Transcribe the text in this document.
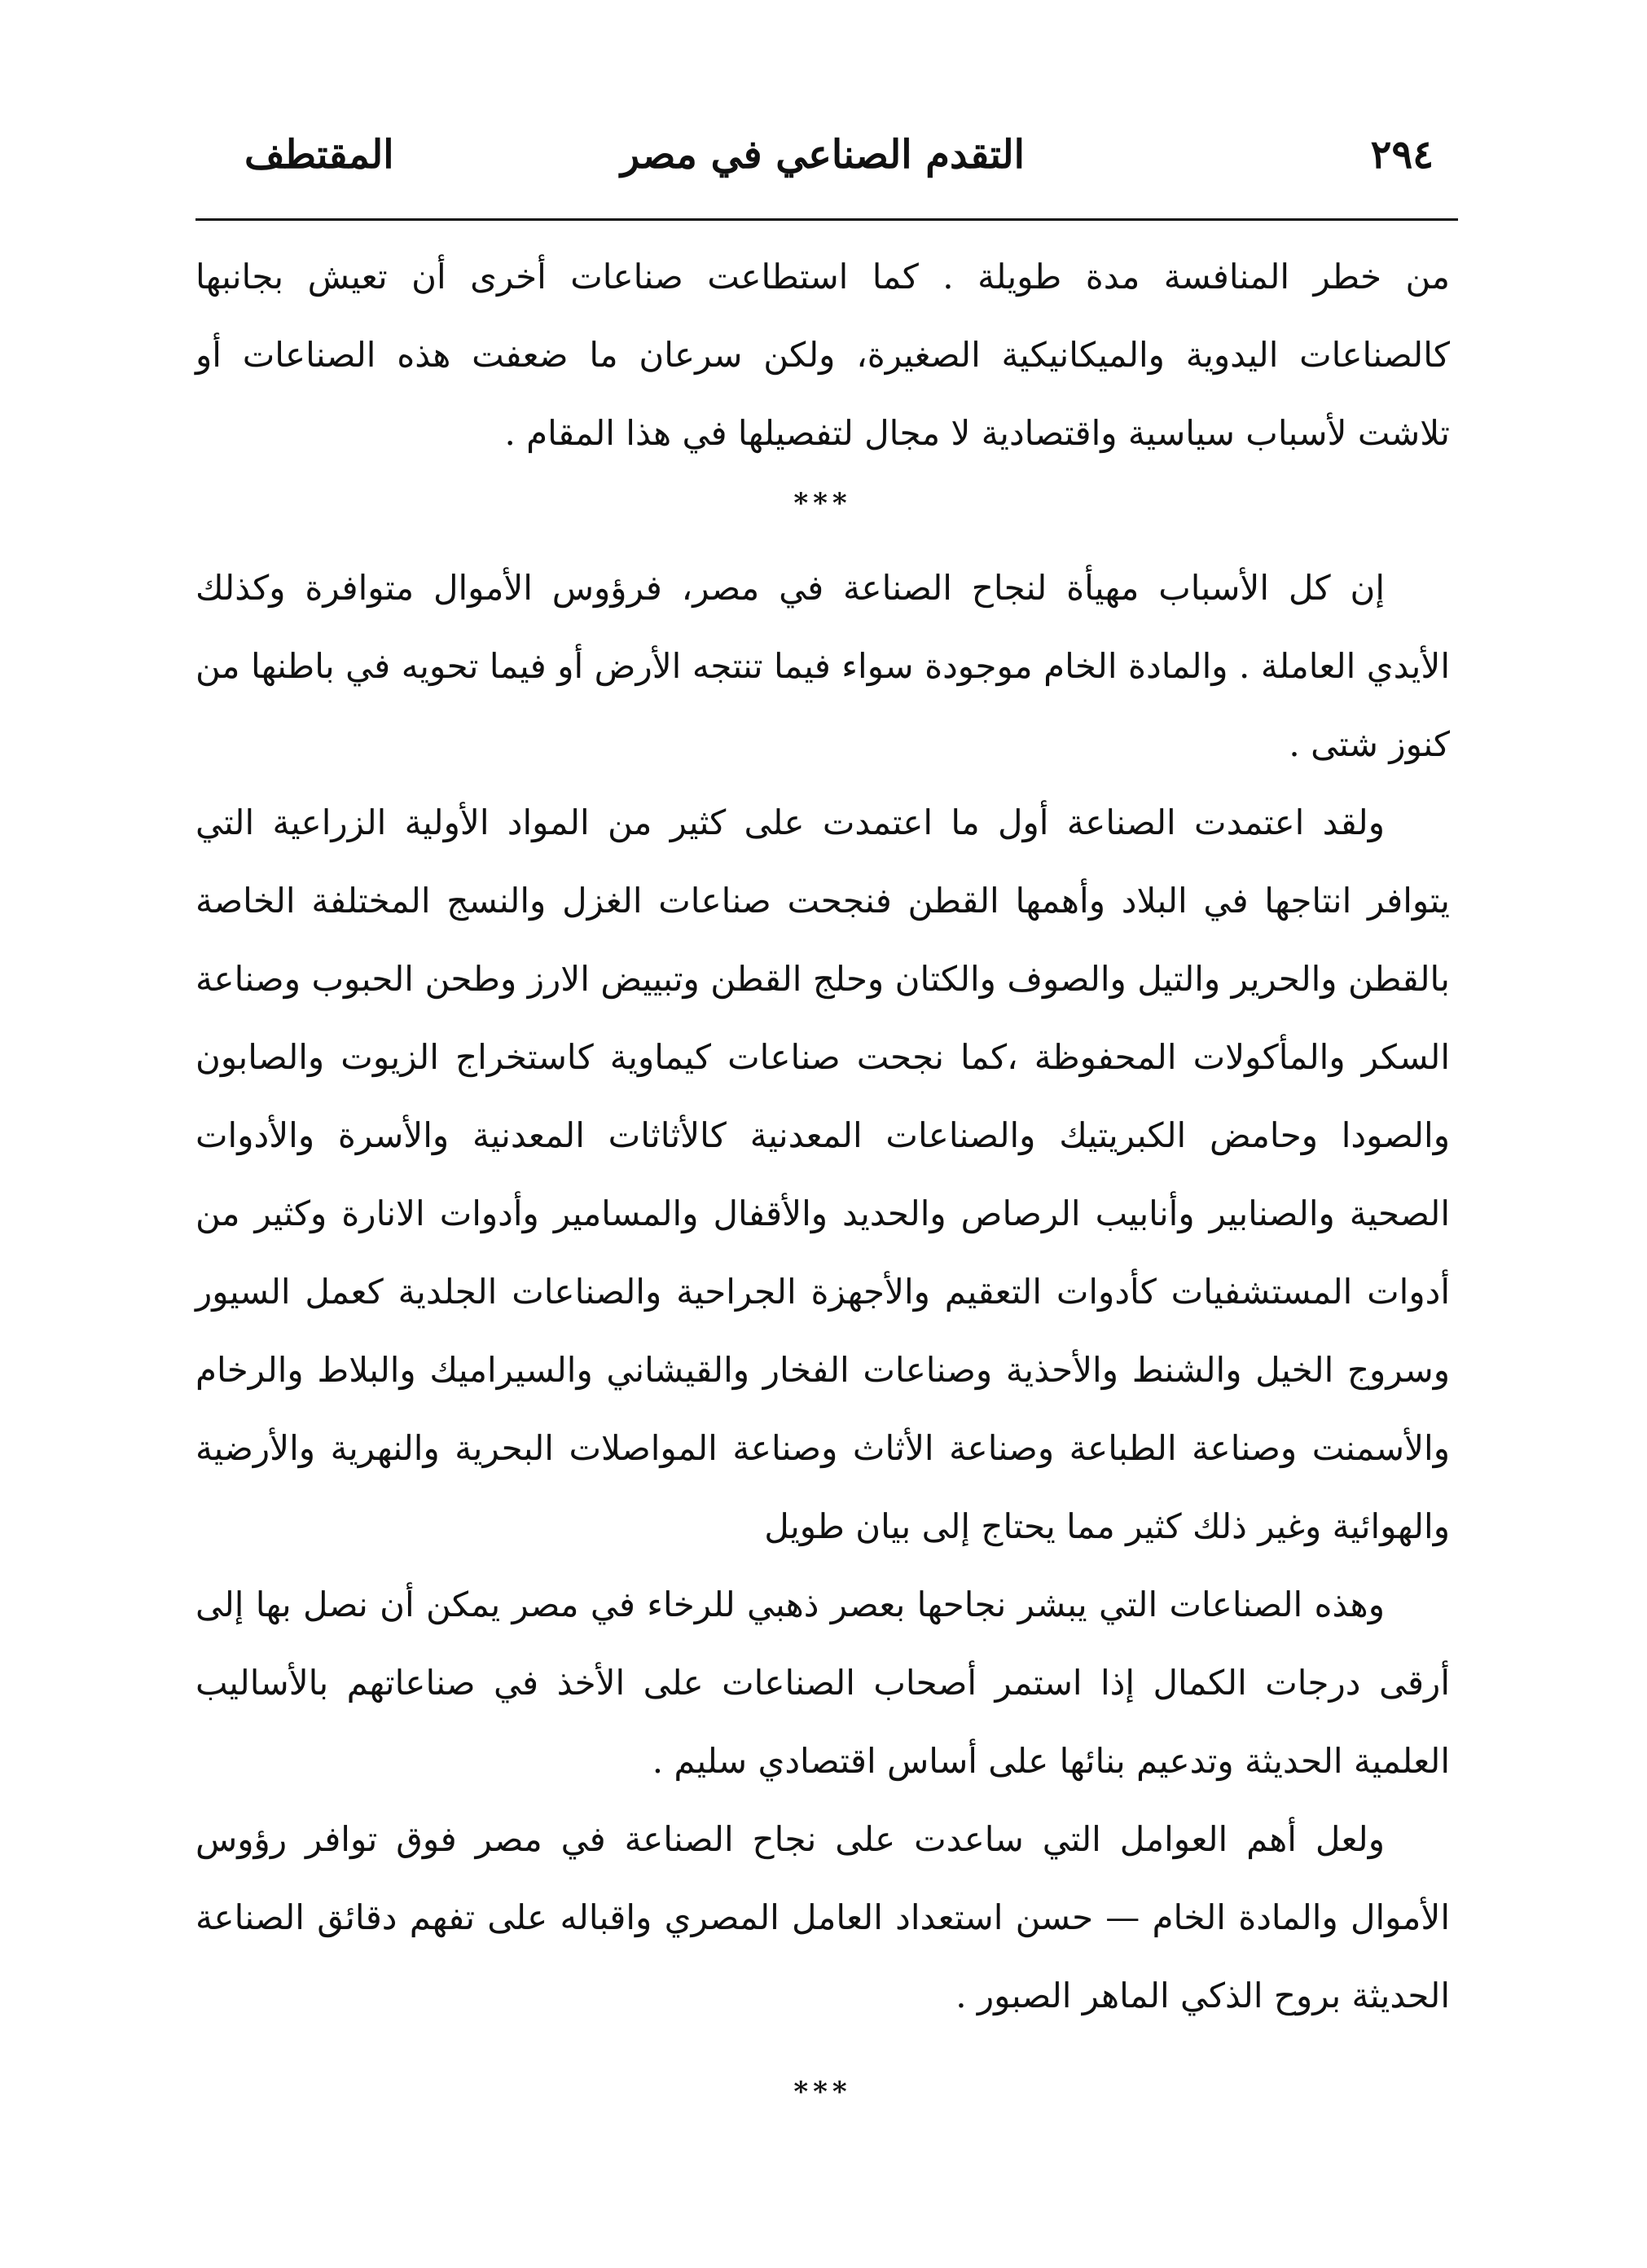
٢٩٤
التقدم الصناعي في مصر
المقتطف

من خطر المنافسة مدة طويلة . كما استطاعت صناعات أخرى أن تعيش بجانبها كالصناعات اليدوية والميكانيكية الصغيرة، ولكن سرعان ما ضعفت هذه الصناعات أو تلاشت لأسباب سياسية واقتصادية لا مجال لتفصيلها في هذا المقام .

***

إن كل الأسباب مهيأة لنجاح الصناعة في مصر، فرؤوس الأموال متوافرة وكذلك الأيدي العاملة . والمادة الخام موجودة سواء فيما تنتجه الأرض أو فيما تحويه في باطنها من كنوز شتى .

ولقد اعتمدت الصناعة أول ما اعتمدت على كثير من المواد الأولية الزراعية التي يتوافر انتاجها في البلاد وأهمها القطن فنجحت صناعات الغزل والنسج المختلفة الخاصة بالقطن والحرير والتيل والصوف والكتان وحلج القطن وتبييض الارز وطحن الحبوب وصناعة السكر والمأكولات المحفوظة ،كما نجحت صناعات كيماوية كاستخراج الزيوت والصابون والصودا وحامض الكبريتيك والصناعات المعدنية كالأثاثات المعدنية والأسرة والأدوات الصحية والصنابير وأنابيب الرصاص والحديد والأقفال والمسامير وأدوات الانارة وكثير من أدوات المستشفيات كأدوات التعقيم والأجهزة الجراحية والصناعات الجلدية كعمل السيور وسروج الخيل والشنط والأحذية وصناعات الفخار والقيشاني والسيراميك والبلاط والرخام والأسمنت وصناعة الطباعة وصناعة الأثاث وصناعة المواصلات البحرية والنهرية والأرضية والهوائية وغير ذلك كثير مما يحتاج إلى بيان طويل

وهذه الصناعات التي يبشر نجاحها بعصر ذهبي للرخاء في مصر يمكن أن نصل بها إلى أرقى درجات الكمال إذا استمر أصحاب الصناعات على الأخذ في صناعاتهم بالأساليب العلمية الحديثة وتدعيم بنائها على أساس اقتصادي سليم .

ولعل أهم العوامل التي ساعدت على نجاح الصناعة في مصر فوق توافر رؤوس الأموال والمادة الخام — حسن استعداد العامل المصري واقباله على تفهم دقائق الصناعة الحديثة بروح الذكي الماهر الصبور .

***
